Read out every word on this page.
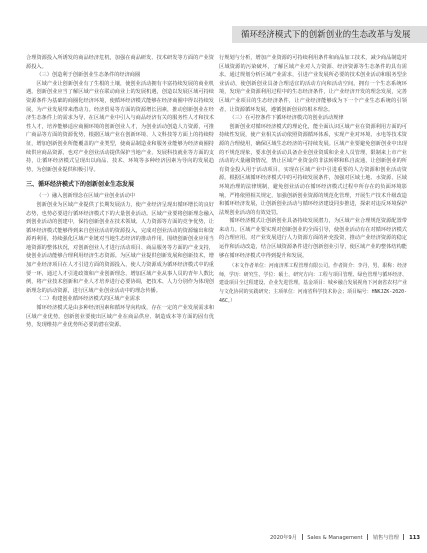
循环经济模式下的创新创业的生态改革与发展

合理资源投入所诱发的商品经济危机，加强在商品研发、技术研发等方面的产业资源投入。

（三）创造利于创新创业生态条件的经济商圈

区域产业让创新创业有了生根的土壤，使创业活动拥有丰富持续发展的商业机遇。创新创业应当了解区域产业在联动商业上的发展机遇，创造以发展区域可持续资源条件为基础的商圈化经济环境，使循环经济模式能够在经济商圈中得以持续发展，为产业发展带来潜动力。经济贸易等方面的资源增长因素，推动创新创业在经济生态条件上的需求为导，在区域产业中引入与商品经济有关的服务性人才和技术性人才，培养能够适应商圈环境的创新创业人才，为创业活动创造人力资源，可推广商品等方面的资源优势，根据区域产业在创新环境、人文科技等方面上的持续特征，增加创新创业所能覆盖的产业类型，使商品制造业和服务业能够为经济商圈持续供应商品资源，也对产业创业活动提供保护当地产业、发展科技就业等方面的支持，让循环经济模式呈现出以商品、技术、环境等多种经济因素为导向的发展趋势，为创新创业提供积极引导。

三、循环经济模式下的创新创业生态发展

（一）融入创新理念在区域产业创业活动中

创新创业为区域产业提供了长期发展活力，使产业经济呈现出循环增长的良好态势，也势必要进行循环经济模式下的大量创业活动。区域产业要将创新理念融入到创业活动的创建中，保持创新创业在技术领域、人力资源等方面的竞争优势，让循环经济模式能够得到来自创业活动的资源投入，完成对创业活动的资源输出和资源再利用，持续强化区域产业链对当地生态经济的推动作用。围绕创新创业应用当地资源的整体状况，对创新创业人才进行活动项目、商品服务等方面的产业支持，使创业活动能够合理利用经济生态资源。为区域产业提供创新发展和创新技术，增加产业经济项目在人才引进方面的资源投入，使人力资源成为循环经济模式中的重要一环，通过人才引进政策和产业创新理念，增加区域产业从事人员的青年人数比例，将产业技术创新和产业人才培养进行必要协调，把技术、人力分别作为体现创新理念的活动资源，进行区域产业创业活动中的理念传播。

（二）构建创业循环经济模式的区域产业需求

循环经济模式是由多种经济因素和循环导向构成，存在一定的产业发展需求和区域产业优势。创新创业要使出区域产业在商品供应、制造成本等方面的固有优势，发现维持产业优势所必要的潜在资源。

行规划与分析，增加产业资源的可持续利用条件和商品加工技术，减少商品制造对区域资源的污染破坏，了解区域产业对人力资源、经济资源等生态条件的具有需求。通过规划分析区域产业需求，引进产业发展所必要的技术创业活动和服务型企业活动，使创新创业具备合理适宜的活动方向和活动空间。拥有一个生态系统环境，发现产业资源利用过程中的生态经济条件，让产业经济开发的理念发展，完善区域产业项目的生态经济条件，让产业经济能够成为下一个产业生态系统的引领者，让资源循环发展，遵循创新创业的根本理念。

（三）在可控条件下循环经济模式的创业活动规律

创新创业对循环经济模式的理论化，能全面认识区域产业在资源利用方面的可持续性发展，使产业相关活动依照资源循环体系，实现产业对环境、水电等技术资源的合理使用，确保区域生态经济的可持续发展。区域产业要避免创新创业中出现的不规范现象，要求创业活动具备企业创业资质和企业人员管理，限制来上市产业活动的大量融资情况，禁止区域产业资金的非法转移和私自流通，让创新创业的所有资金投入用于活动项目，实现在区域产业中引进重要的人力资源和创业活动资源。根据区域循环经济模式中的可持续发展条件，加强对区域土地、水资源、区域环境治理的法律规制，避免创业活动在循环经济模式过程中所存在的负面环境影响，严格依照相关规定，加强创新创业资源的规范化管理，开展生产技术升级改造和循环经济发展，让创新创业活动与循环经济建设同步推进，探索对违反环境保护法规创业活动的有效处罚。

循环经济模式让创新创业具备持续发展潜力，为区域产业合理规范资源配置带来动力。区域产业要实现对创新创业的全面引导，使创业活动有在对循环经济模式的合理应用。对产业发展进行人力资源方面的补充投资，推动产业经济资源的稳定运作和活动改造，结合区域资源条件进行创新创业引导，使区域产业的整体结构能够在循环经济模式中得到提升和发展。

（本文作者单位：河南济邦工程管理有限公司。作者简介：李丹，男，职称：经济师，学历：研究生，学位：硕士，研究方向：工程与项目管理、绿色管理与循环经济、建设项目全过程建设、企业先进管理。基金项目：城乡融合发展视角下河南省农村产业与文化协同的实践研究；主项单位：河南省科学技术协会；项目编号：HNKJZK-2020-46C。）

2020年9月 Sales & Management 销售与管理 113
